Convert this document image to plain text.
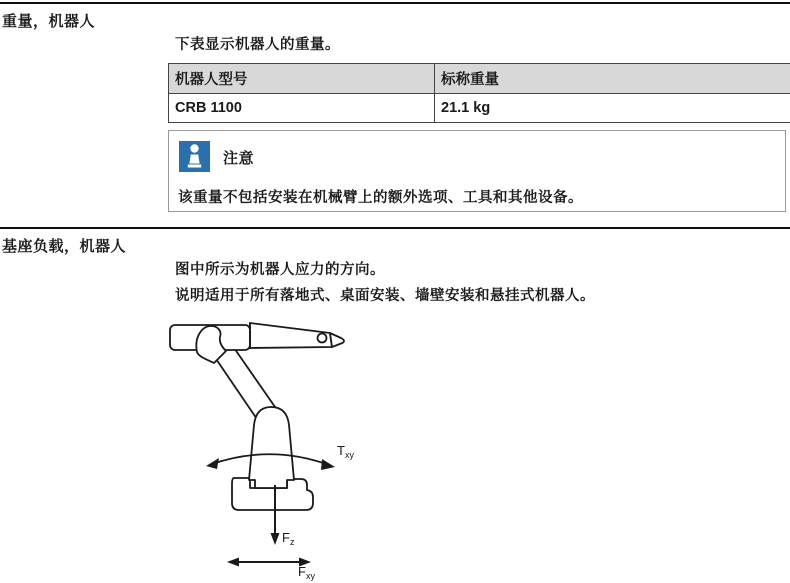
重量，机器人
下表显示机器人的重量。
机器人型号	标称重量
CRB 1100	21.1 kg
注意
该重量不包括安装在机械臂上的额外选项、工具和其他设备。
基座负载，机器人
图中所示为机器人应力的方向。
说明适用于所有落地式、桌面安装、墙壁安装和悬挂式机器人。
$T_{xy}$
$F_z$
$F_{xy}$
